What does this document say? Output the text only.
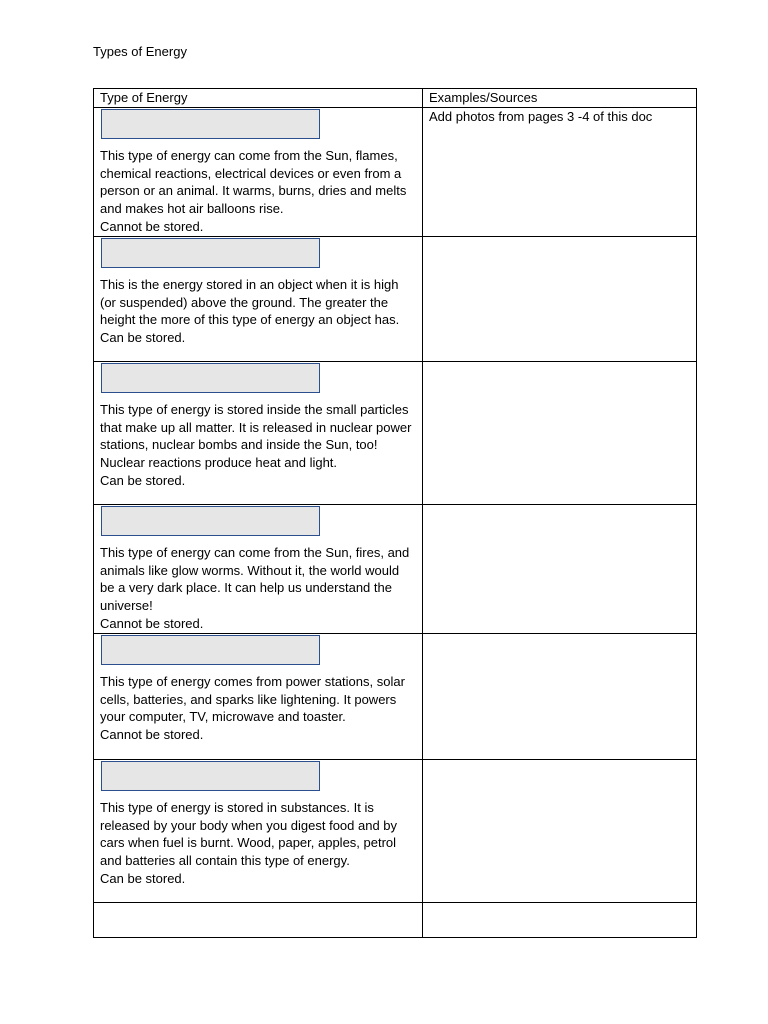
Types of Energy
Type of Energy	Examples/Sources

This type of energy can come from the Sun, flames, chemical reactions, electrical devices or even from a person or an animal. It warms, burns, dries and melts and makes hot air balloons rise.
Cannot be stored.	Add photos from pages 3 -4 of this doc

This is the energy stored in an object when it is high (or suspended) above the ground. The greater the height the more of this type of energy an object has.
Can be stored.	

This type of energy is stored inside the small particles that make up all matter. It is released in nuclear power stations, nuclear bombs and inside the Sun, too! Nuclear reactions produce heat and light.
Can be stored.	

This type of energy can come from the Sun, fires, and animals like glow worms. Without it, the world would be a very dark place. It can help us understand the universe!
Cannot be stored.	

This type of energy comes from power stations, solar cells, batteries, and sparks like lightening. It powers your computer, TV, microwave and toaster.
Cannot be stored.	

This type of energy is stored in substances. It is released by your body when you digest food and by cars when fuel is burnt. Wood, paper, apples, petrol and batteries all contain this type of energy.
Can be stored.	
